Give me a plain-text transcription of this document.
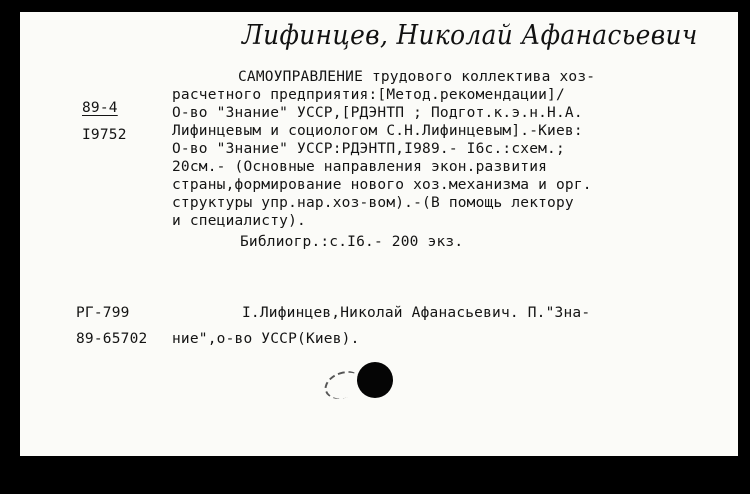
Лифинцев, Николай Афанасьевич
89-4
I9752
САМОУПРАВЛЕНИЕ трудового коллектива хоз-
расчетного предприятия:[Метод.рекомендации]/
О-во "Знание" УССР,[РДЭНТП ; Подгот.к.э.н.Н.А.
Лифинцевым и социологом С.Н.Лифинцевым].-Киев:
О-во "Знание" УССР:РДЭНТП,I989.- I6с.:схем.;
20см.- (Основные направления экон.развития
страны,формирование нового хоз.механизма и орг.
структуры упр.нар.хоз-вом).-(В помощь лектору
и специалисту).
Библиогр.:с.I6.- 200 экз.
РГ-799
89-65702
I.Лифинцев,Николай Афанасьевич. П."Зна-
ние",о-во УССР(Киев).
